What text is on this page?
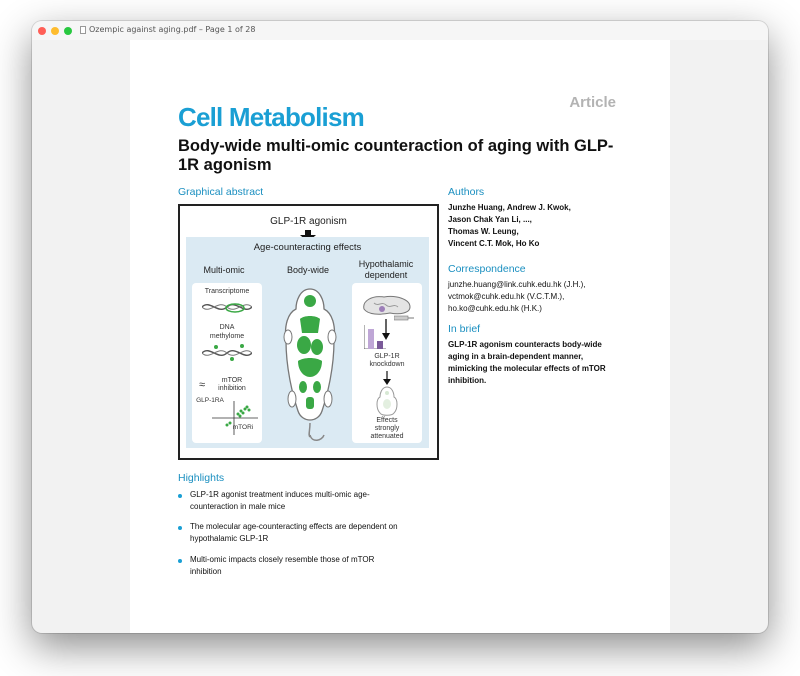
Ozempic against aging.pdf – Page 1 of 28
Cell Metabolism	Article
Body-wide multi-omic counteraction of aging with GLP-1R agonism
Graphical abstract
GLP-1R agonism
Age-counteracting effects
Multi-omic	Body-wide
Hypothalamic
dependent
Transcriptome
DNA
methylome
≈	mTOR
inhibition
GLP-1RA
mTORi
GLP-1R
knockdown
Effects
strongly
attenuated
Authors
Junzhe Huang, Andrew J. Kwok,
Jason Chak Yan Li, ...,
Thomas W. Leung,
Vincent C.T. Mok, Ho Ko
Correspondence
junzhe.huang@link.cuhk.edu.hk (J.H.),
vctmok@cuhk.edu.hk (V.C.T.M.),
ho.ko@cuhk.edu.hk (H.K.)
In brief
GLP-1R agonism counteracts body-wide
aging in a brain-dependent manner,
mimicking the molecular effects of mTOR
inhibition.
Highlights
GLP-1R agonist treatment induces multi-omic age-
counteraction in male mice
The molecular age-counteracting effects are dependent on
hypothalamic GLP-1R
Multi-omic impacts closely resemble those of mTOR
inhibition
